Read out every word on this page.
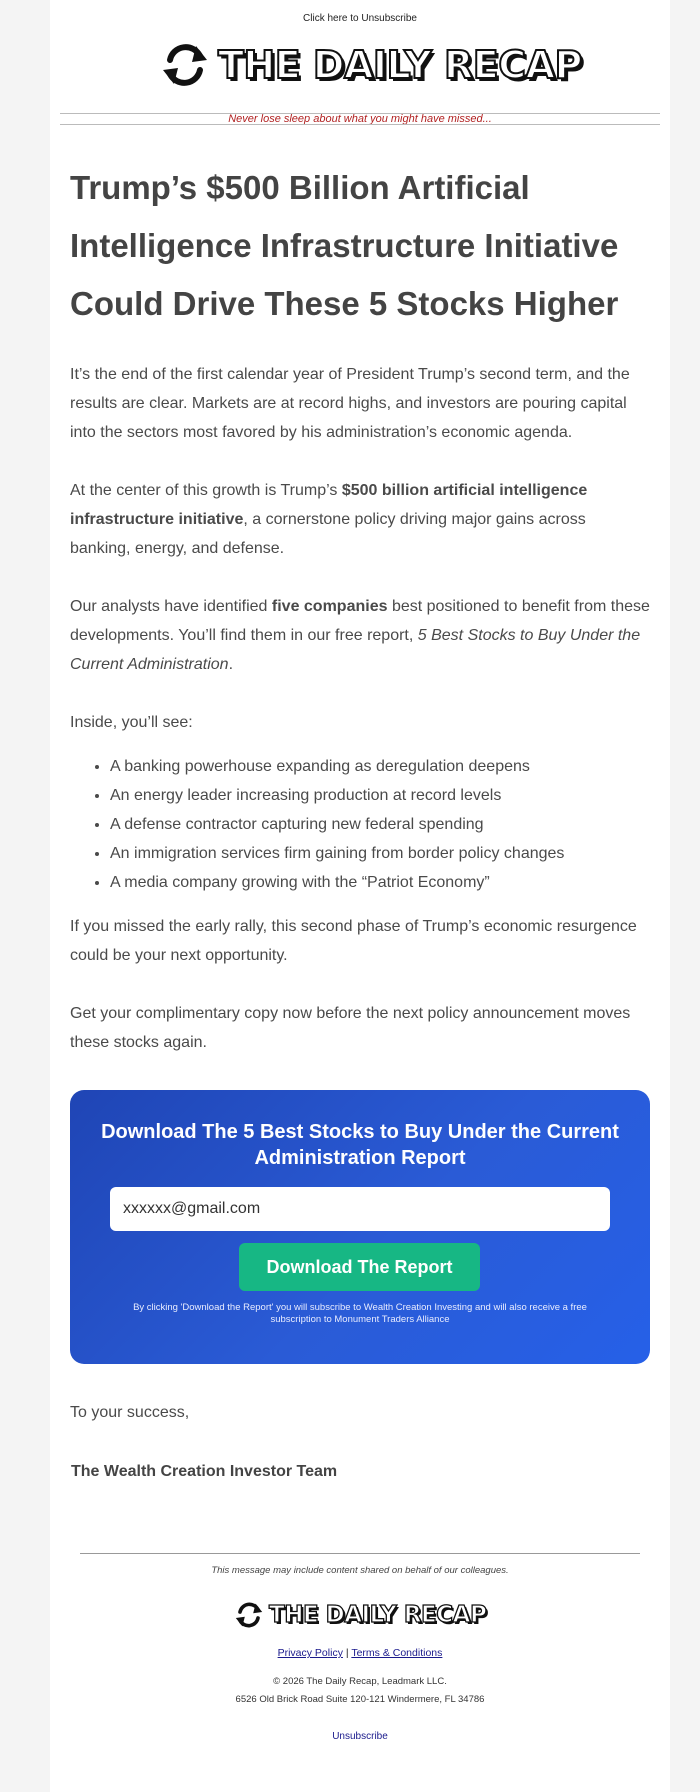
Click here to Unsubscribe
THE DAILY RECAP
Never lose sleep about what you might have missed...
Trump’s $500 Billion Artificial Intelligence Infrastructure Initiative Could Drive These 5 Stocks Higher

It’s the end of the first calendar year of President Trump’s second term, and the results are clear. Markets are at record highs, and investors are pouring capital into the sectors most favored by his administration’s economic agenda.

At the center of this growth is Trump’s $500 billion artificial intelligence infrastructure initiative, a cornerstone policy driving major gains across banking, energy, and defense.

Our analysts have identified five companies best positioned to benefit from these developments. You’ll find them in our free report, 5 Best Stocks to Buy Under the Current Administration.

Inside, you’ll see:

• A banking powerhouse expanding as deregulation deepens
• An energy leader increasing production at record levels
• A defense contractor capturing new federal spending
• An immigration services firm gaining from border policy changes
• A media company growing with the “Patriot Economy”

If you missed the early rally, this second phase of Trump’s economic resurgence could be your next opportunity.

Get your complimentary copy now before the next policy announcement moves these stocks again.

Download The 5 Best Stocks to Buy Under the Current Administration Report
xxxxxx@gmail.com
Download The Report
By clicking 'Download the Report' you will subscribe to Wealth Creation Investing and will also receive a free subscription to Monument Traders Alliance
To your success,
The Wealth Creation Investor Team
This message may include content shared on behalf of our colleagues.
THE DAILY RECAP
Privacy Policy | Terms & Conditions
© 2026 The Daily Recap, Leadmark LLC.
6526 Old Brick Road Suite 120-121 Windermere, FL 34786
Unsubscribe
